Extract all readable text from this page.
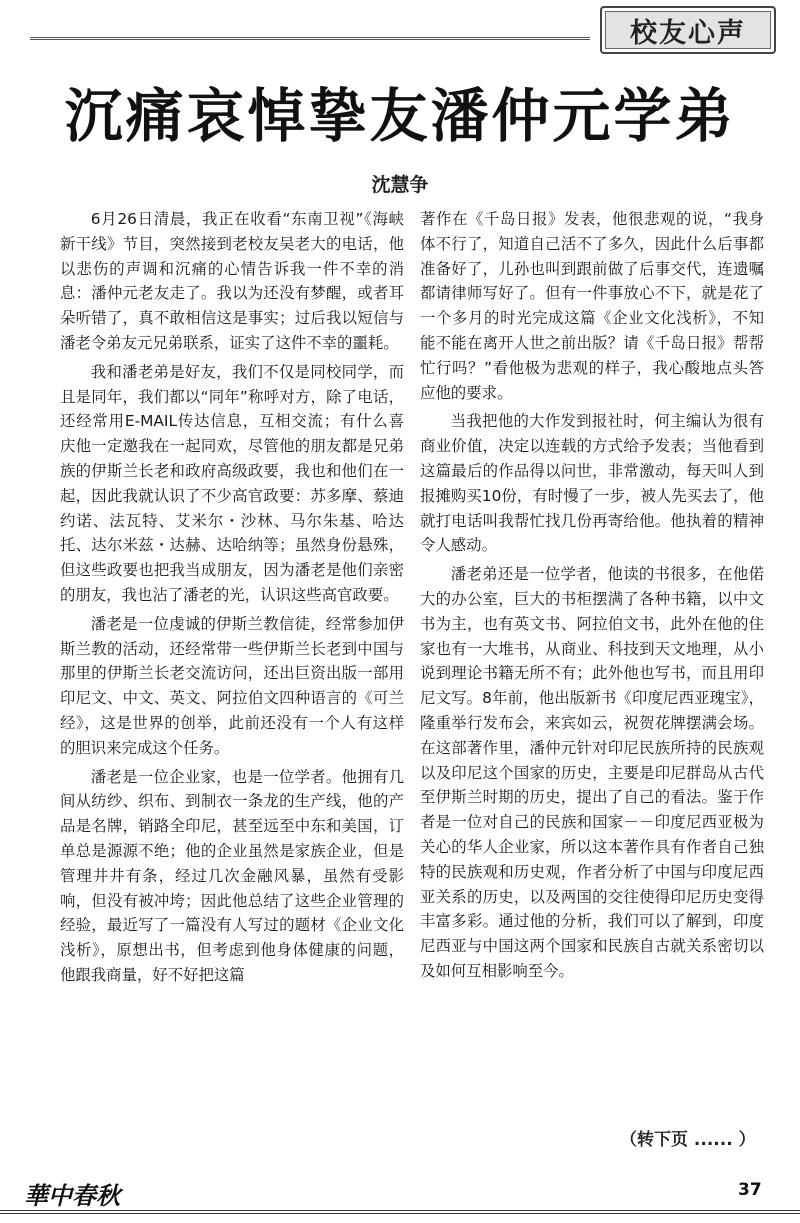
校友心声
沉痛哀悼挚友潘仲元学弟
沈慧争

6月26日清晨，我正在收看“东南卫视”《海峡新干线》节目，突然接到老校友吴老大的电话，他以悲伤的声调和沉痛的心情告诉我一件不幸的消息：潘仲元老友走了。我以为还没有梦醒，或者耳朵听错了，真不敢相信这是事实；过后我以短信与潘老令弟友元兄弟联系，证实了这件不幸的噩耗。

我和潘老弟是好友，我们不仅是同校同学，而且是同年，我们都以“同年”称呼对方，除了电话，还经常用E-MAIL传达信息，互相交流；有什么喜庆他一定邀我在一起同欢，尽管他的朋友都是兄弟族的伊斯兰长老和政府高级政要，我也和他们在一起，因此我就认识了不少高官政要：苏多摩、蔡迪约诺、法瓦特、艾米尔・沙林、马尔朱基、哈达托、达尔米兹・达赫、达哈纳等；虽然身份悬殊，但这些政要也把我当成朋友，因为潘老是他们亲密的朋友，我也沾了潘老的光，认识这些高官政要。

潘老是一位虔诚的伊斯兰教信徒，经常参加伊斯兰教的活动，还经常带一些伊斯兰长老到中国与那里的伊斯兰长老交流访问，还出巨资出版一部用印尼文、中文、英文、阿拉伯文四种语言的《可兰经》，这是世界的创举，此前还没有一个人有这样的胆识来完成这个任务。

潘老是一位企业家，也是一位学者。他拥有几间从纺纱、织布、到制衣一条龙的生产线，他的产品是名牌，销路全印尼，甚至远至中东和美国，订单总是源源不绝；他的企业虽然是家族企业，但是管理井井有条，经过几次金融风暴，虽然有受影响，但没有被冲垮；因此他总结了这些企业管理的经验，最近写了一篇没有人写过的题材《企业文化浅析》，原想出书，但考虑到他身体健康的问题，他跟我商量，好不好把这篇

著作在《千岛日报》发表，他很悲观的说，“我身体不行了，知道自己活不了多久，因此什么后事都准备好了，儿孙也叫到跟前做了后事交代，连遗嘱都请律师写好了。但有一件事放心不下，就是花了一个多月的时光完成这篇《企业文化浅析》，不知能不能在离开人世之前出版？请《千岛日报》帮帮忙行吗？”看他极为悲观的样子，我心酸地点头答应他的要求。

当我把他的大作发到报社时，何主编认为很有商业价值，决定以连载的方式给予发表；当他看到这篇最后的作品得以问世，非常激动，每天叫人到报摊购买10份，有时慢了一步，被人先买去了，他就打电话叫我帮忙找几份再寄给他。他执着的精神令人感动。

潘老弟还是一位学者，他读的书很多，在他偌大的办公室，巨大的书柜摆满了各种书籍，以中文书为主，也有英文书、阿拉伯文书，此外在他的住家也有一大堆书，从商业、科技到天文地理，从小说到理论书籍无所不有；此外他也写书，而且用印尼文写。8年前，他出版新书《印度尼西亚瑰宝》，隆重举行发布会，来宾如云，祝贺花牌摆满会场。在这部著作里，潘仲元针对印尼民族所持的民族观以及印尼这个国家的历史，主要是印尼群岛从古代至伊斯兰时期的历史，提出了自己的看法。鉴于作者是一位对自己的民族和国家－－印度尼西亚极为关心的华人企业家，所以这本著作具有作者自己独特的民族观和历史观，作者分析了中国与印度尼西亚关系的历史，以及两国的交往使得印尼历史变得丰富多彩。通过他的分析，我们可以了解到，印度尼西亚与中国这两个国家和民族自古就关系密切以及如何互相影响至今。

（转下页 ...... ）
華中春秋	37
